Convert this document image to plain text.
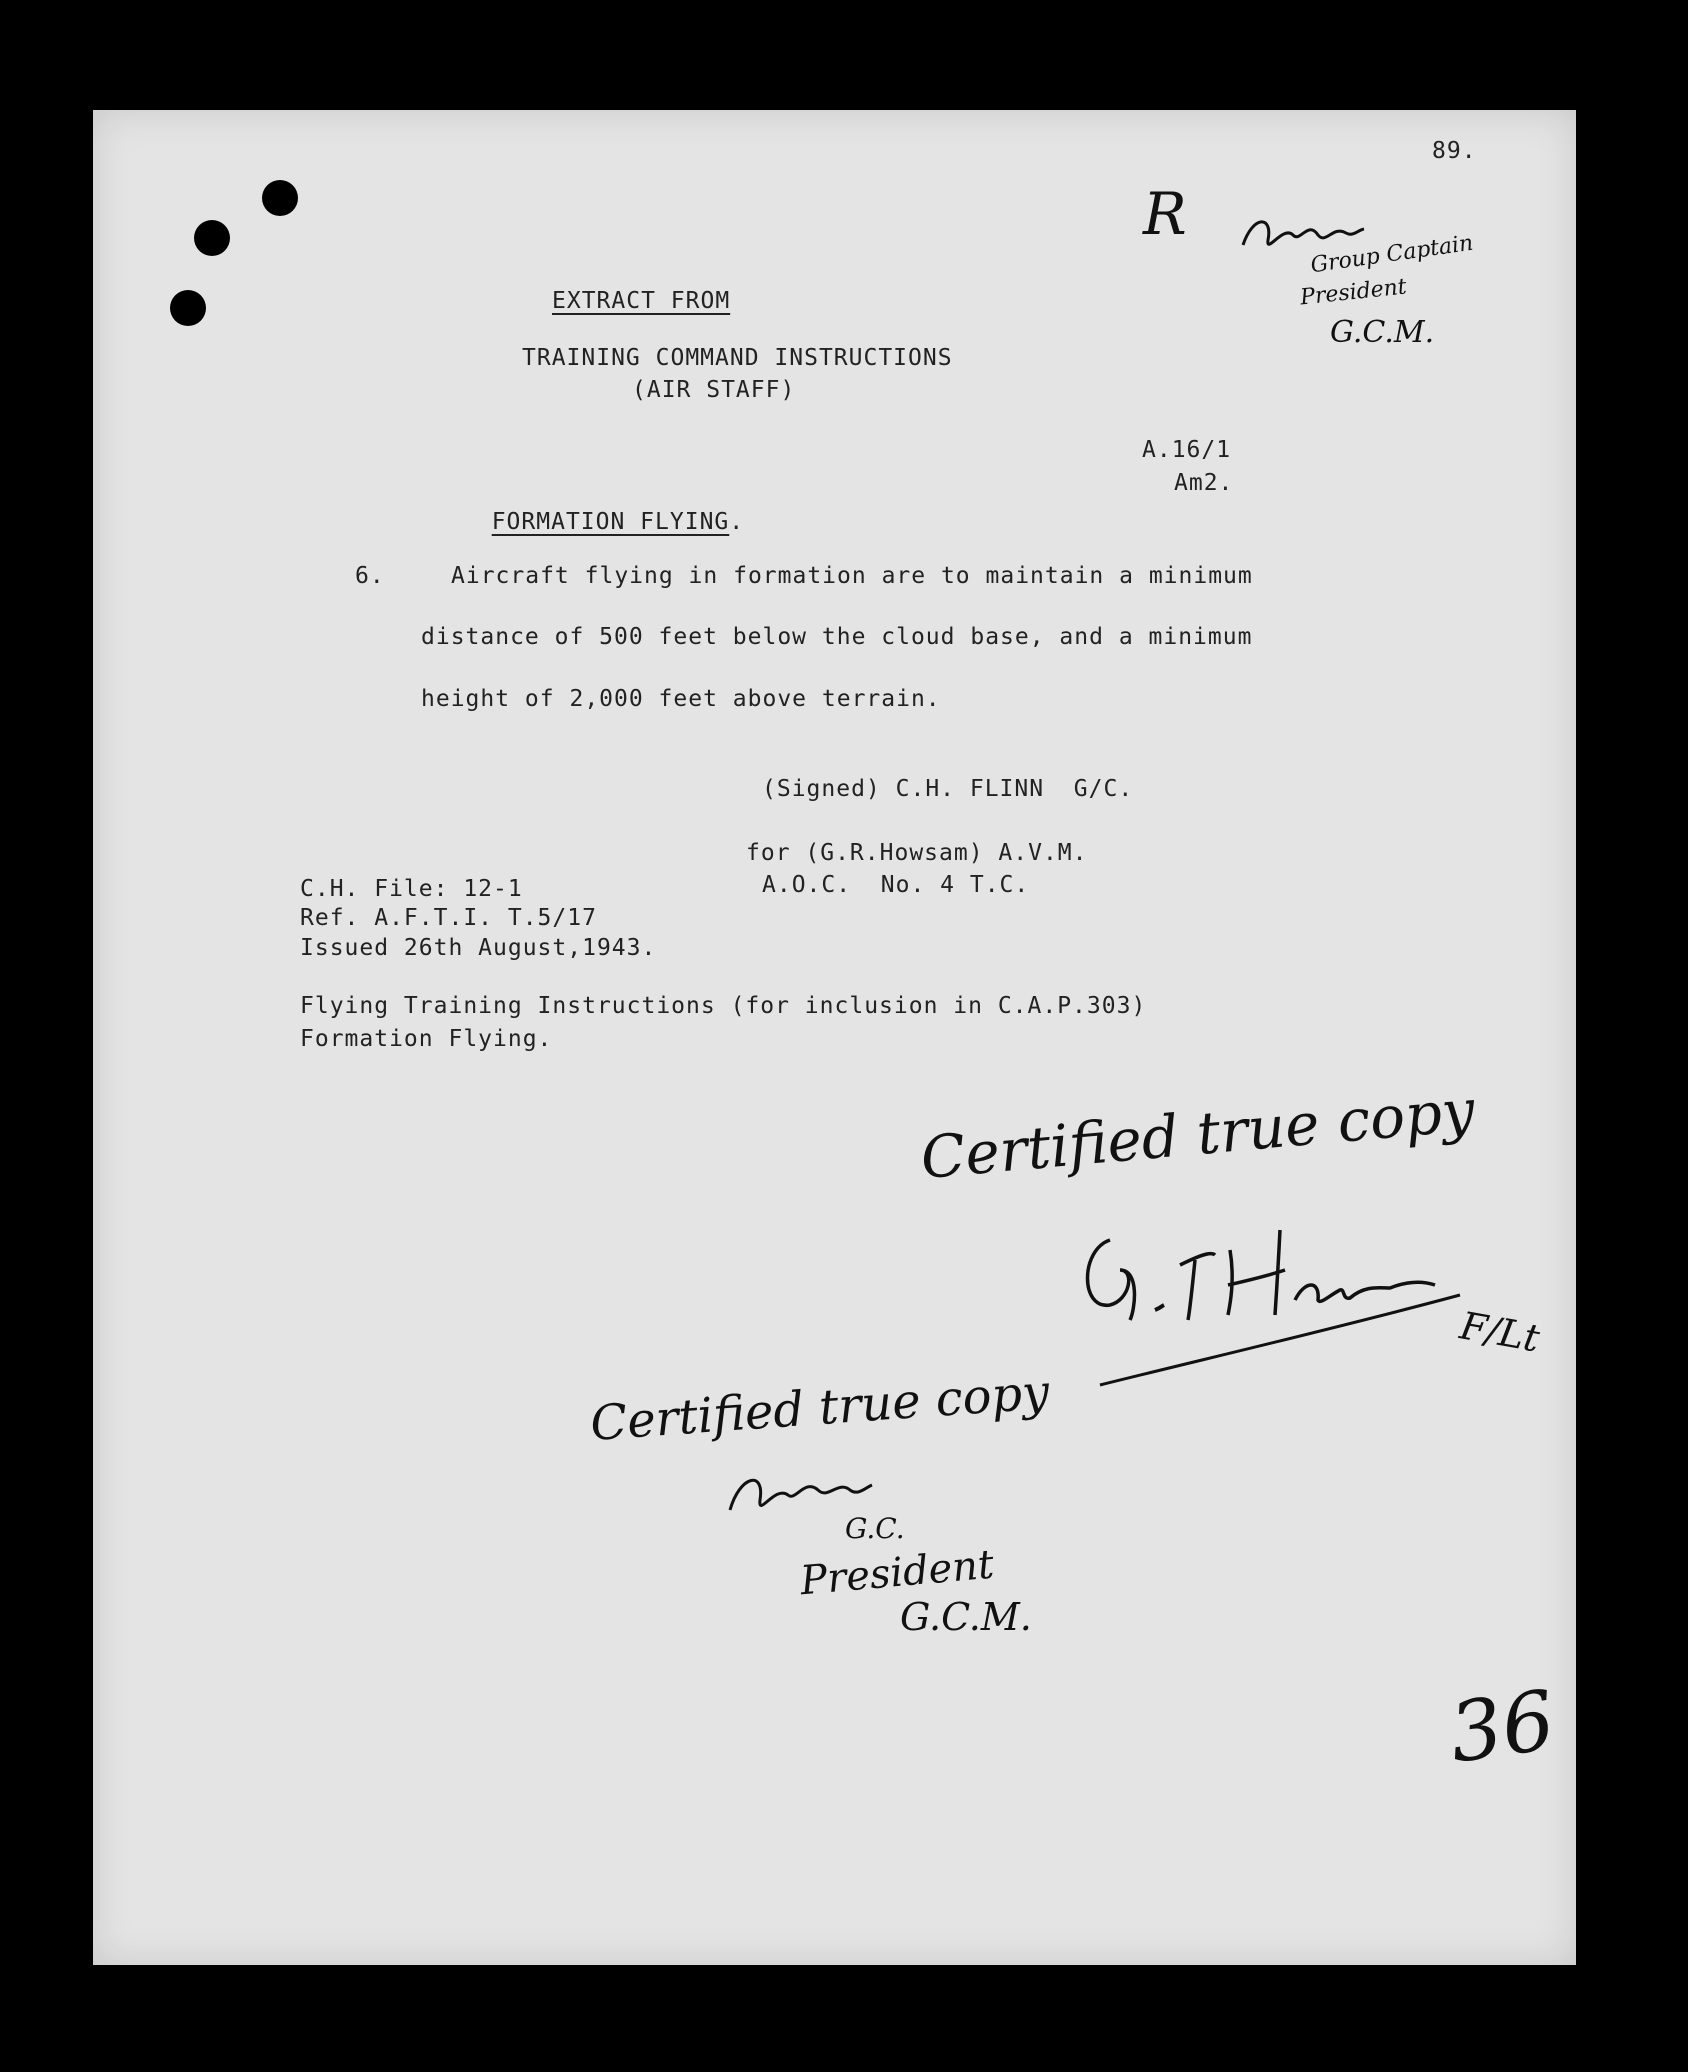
89.
EXTRACT FROM
TRAINING COMMAND INSTRUCTIONS
(AIR STAFF)
A.16/1
Am2.

FORMATION FLYING.

6.	Aircraft flying in formation are to maintain a minimum
distance of 500 feet below the cloud base, and a minimum
height of 2,000 feet above terrain.
(Signed) C.H. FLINN  G/C.
for (G.R.Howsam) A.V.M.
A.O.C.  No. 4 T.C.
C.H. File: 12-1
Ref. A.F.T.I. T.5/17
Issued 26th August,1943.
Flying Training Instructions (for inclusion in C.A.P.303)
Formation Flying.
R
Group Captain
President
G.C.M.
Certified true copy
F/Lt
Certified true copy
G.C.
President
G.C.M.
36
